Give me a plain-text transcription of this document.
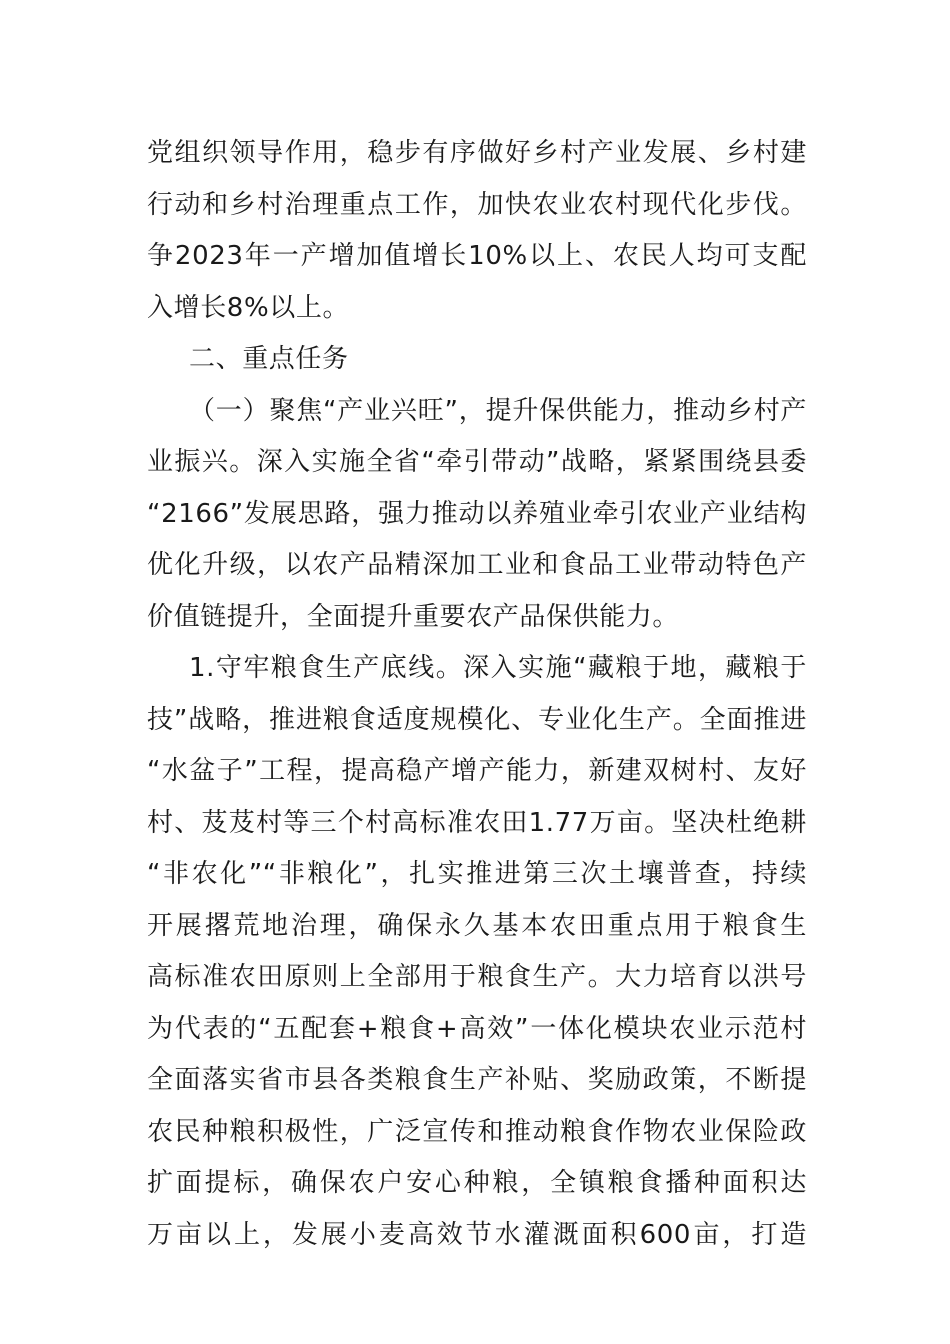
党组织领导作用，稳步有序做好乡村产业发展、乡村建
行动和乡村治理重点工作，加快农业农村现代化步伐。
争2023年一产增加值增长10%以上、农民人均可支配
入增长8%以上。
二、重点任务
（一）聚焦“产业兴旺”，提升保供能力，推动乡村产
业振兴。深入实施全省“牵引带动”战略，紧紧围绕县委
“2166”发展思路，强力推动以养殖业牵引农业产业结构
优化升级，以农产品精深加工业和食品工业带动特色产
价值链提升，全面提升重要农产品保供能力。
1.守牢粮食生产底线。深入实施“藏粮于地，藏粮于
技”战略，推进粮食适度规模化、专业化生产。全面推进
“水盆子”工程，提高稳产增产能力，新建双树村、友好
村、芨芨村等三个村高标准农田1.77万亩。坚决杜绝耕
“非农化”“非粮化”，扎实推进第三次土壤普查，持续
开展撂荒地治理，确保永久基本农田重点用于粮食生
高标准农田原则上全部用于粮食生产。大力培育以洪号
为代表的“五配套+粮食+高效”一体化模块农业示范村
全面落实省市县各类粮食生产补贴、奖励政策，不断提
农民种粮积极性，广泛宣传和推动粮食作物农业保险政
扩面提标，确保农户安心种粮，全镇粮食播种面积达
万亩以上，发展小麦高效节水灌溉面积600亩，打造
